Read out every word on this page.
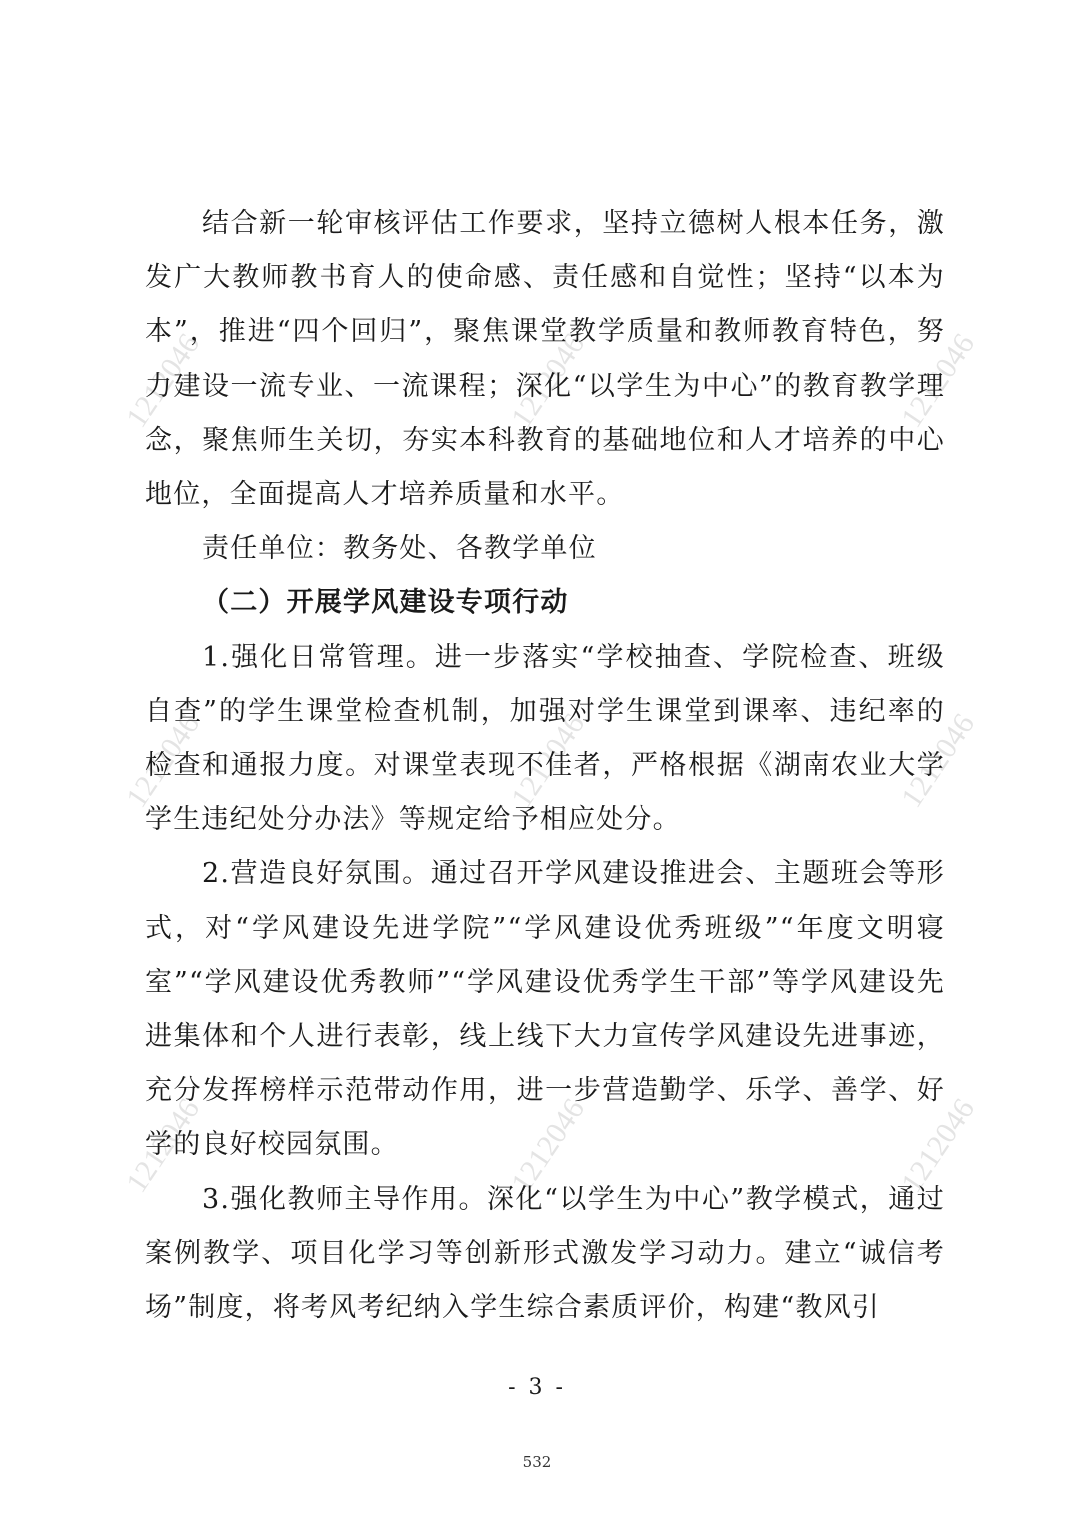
1212046	1212046	1212046
1212046	1212046	1212046
1212046	1212046	1212046

结合新一轮审核评估工作要求，坚持立德树人根本任务，激发广大教师教书育人的使命感、责任感和自觉性；坚持“以本为本”，推进“四个回归”，聚焦课堂教学质量和教师教育特色，努力建设一流专业、一流课程；深化“以学生为中心”的教育教学理念，聚焦师生关切，夯实本科教育的基础地位和人才培养的中心地位，全面提高人才培养质量和水平。

责任单位：教务处、各教学单位

（二）开展学风建设专项行动

1.强化日常管理。进一步落实“学校抽查、学院检查、班级自查”的学生课堂检查机制，加强对学生课堂到课率、违纪率的检查和通报力度。对课堂表现不佳者，严格根据《湖南农业大学学生违纪处分办法》等规定给予相应处分。

2.营造良好氛围。通过召开学风建设推进会、主题班会等形式，对“学风建设先进学院”“学风建设优秀班级”“年度文明寝室”“学风建设优秀教师”“学风建设优秀学生干部”等学风建设先进集体和个人进行表彰，线上线下大力宣传学风建设先进事迹，充分发挥榜样示范带动作用，进一步营造勤学、乐学、善学、好学的良好校园氛围。

3.强化教师主导作用。深化“以学生为中心”教学模式，通过案例教学、项目化学习等创新形式激发学习动力。建立“诚信考场”制度，将考风考纪纳入学生综合素质评价，构建“教风引

- 3 -
532
